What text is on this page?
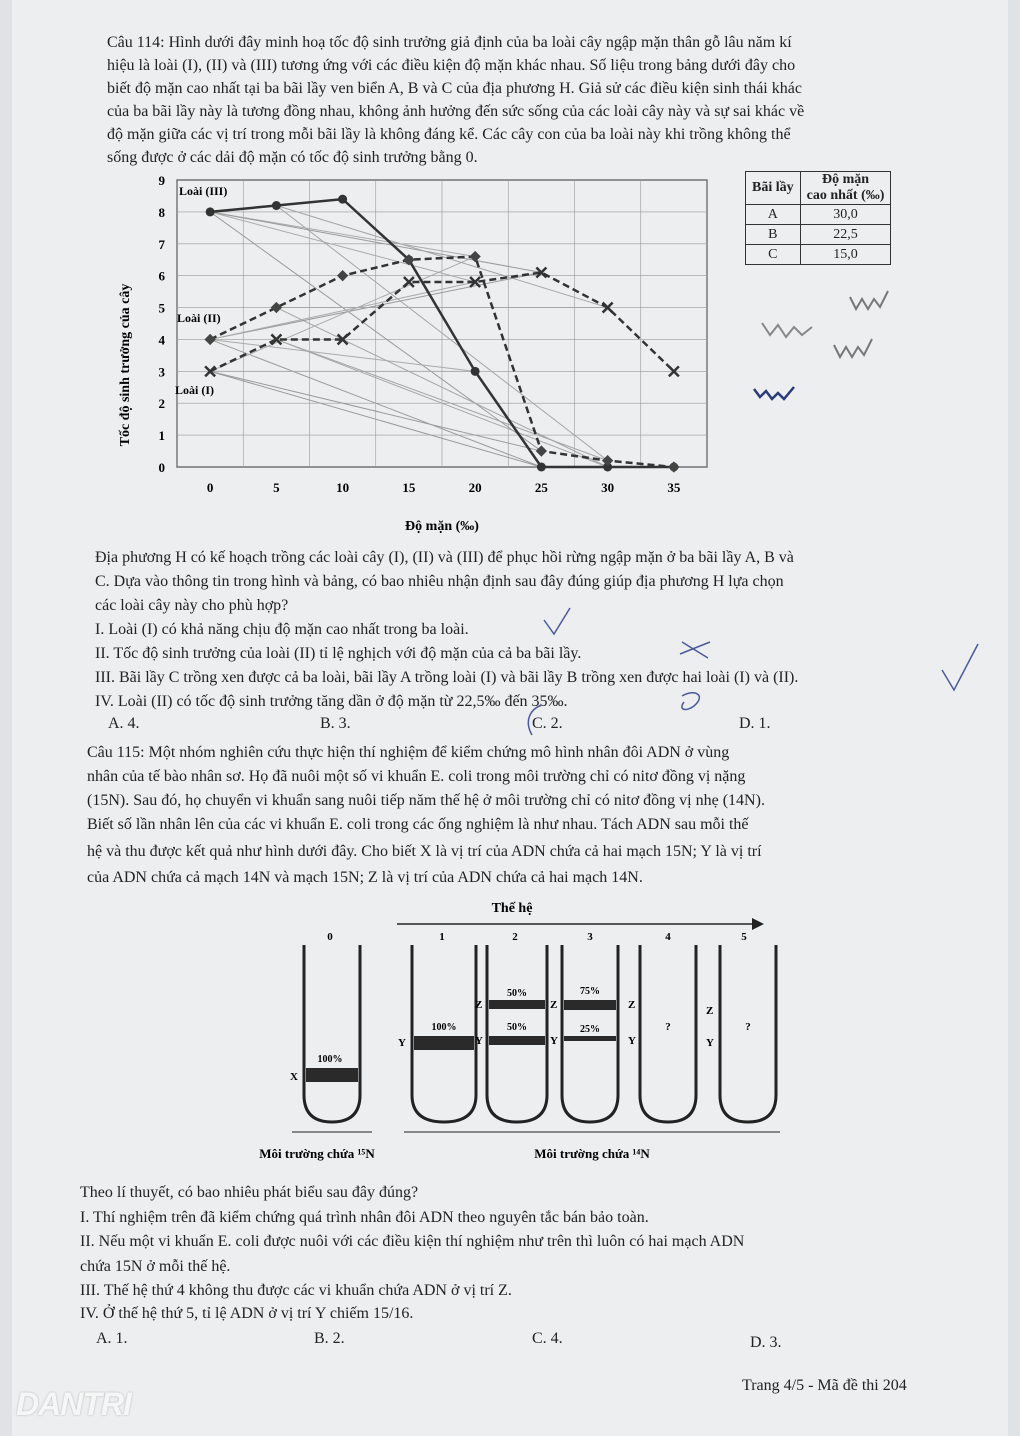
Câu 114: Hình dưới đây minh hoạ tốc độ sinh trưởng giả định của ba loài cây ngập mặn thân gỗ lâu năm kí
hiệu là loài (I), (II) và (III) tương ứng với các điều kiện độ mặn khác nhau. Số liệu trong bảng dưới đây cho
biết độ mặn cao nhất tại ba bãi lầy ven biển A, B và C của địa phương H. Giả sử các điều kiện sinh thái khác
của ba bãi lầy này là tương đồng nhau, không ảnh hưởng đến sức sống của các loài cây này và sự sai khác về
độ mặn giữa các vị trí trong mỗi bãi lầy là không đáng kể. Các cây con của ba loài này khi trồng không thể
sống được ở các dải độ mặn có tốc độ sinh trưởng bằng 0.
0
1
2
3
4
5
6
7
8
9
0	5	10	15	20	25	30	35
Loài (III)
Loài (II)
Loài (I)
Tốc độ sinh trưởng của cây
Độ mặn (‰)
Bãi lầy	Độ mặn
cao nhất (‰)
A	30,0
B	22,5
C	15,0
Địa phương H có kế hoạch trồng các loài cây (I), (II) và (III) để phục hồi rừng ngập mặn ở ba bãi lầy A, B và
C. Dựa vào thông tin trong hình và bảng, có bao nhiêu nhận định sau đây đúng giúp địa phương H lựa chọn
các loài cây này cho phù hợp?
I. Loài (I) có khả năng chịu độ mặn cao nhất trong ba loài.
II. Tốc độ sinh trưởng của loài (II) tỉ lệ nghịch với độ mặn của cả ba bãi lầy.
III. Bãi lầy C trồng xen được cả ba loài, bãi lầy A trồng loài (I) và bãi lầy B trồng xen được hai loài (I) và (II).
IV. Loài (II) có tốc độ sinh trưởng tăng dần ở độ mặn từ 22,5‰ đến 35‰.
A. 4.	B. 3.	C. 2.	D. 1.
Câu 115: Một nhóm nghiên cứu thực hiện thí nghiệm để kiểm chứng mô hình nhân đôi ADN ở vùng
nhân của tế bào nhân sơ. Họ đã nuôi một số vi khuẩn E. coli trong môi trường chỉ có nitơ đồng vị nặng
(15N). Sau đó, họ chuyển vi khuẩn sang nuôi tiếp năm thế hệ ở môi trường chỉ có nitơ đồng vị nhẹ (14N).
Biết số lần nhân lên của các vi khuẩn E. coli trong các ống nghiệm là như nhau. Tách ADN sau mỗi thế
hệ và thu được kết quả như hình dưới đây. Cho biết X là vị trí của ADN chứa cả hai mạch 15N; Y là vị trí
của ADN chứa cả mạch 14N và mạch 15N; Z là vị trí của ADN chứa cả hai mạch 14N.
Thế hệ
0	1	2	3	4	5
100%
X
100%
Y
50%
50%
Z
Y
75%
25%
Z
Y
?
Z
Y
?
Z
Y
Môi trường chứa ¹⁵N	Môi trường chứa ¹⁴N
Theo lí thuyết, có bao nhiêu phát biểu sau đây đúng?
I. Thí nghiệm trên đã kiểm chứng quá trình nhân đôi ADN theo nguyên tắc bán bảo toàn.
II. Nếu một vi khuẩn E. coli được nuôi với các điều kiện thí nghiệm như trên thì luôn có hai mạch ADN
chứa 15N ở mỗi thế hệ.
III. Thế hệ thứ 4 không thu được các vi khuẩn chứa ADN ở vị trí Z.
IV. Ở thế hệ thứ 5, tỉ lệ ADN ở vị trí Y chiếm 15/16.
A. 1.	B. 2.	C. 4.	D. 3.
Trang 4/5 - Mã đề thi 204
DANTRI
